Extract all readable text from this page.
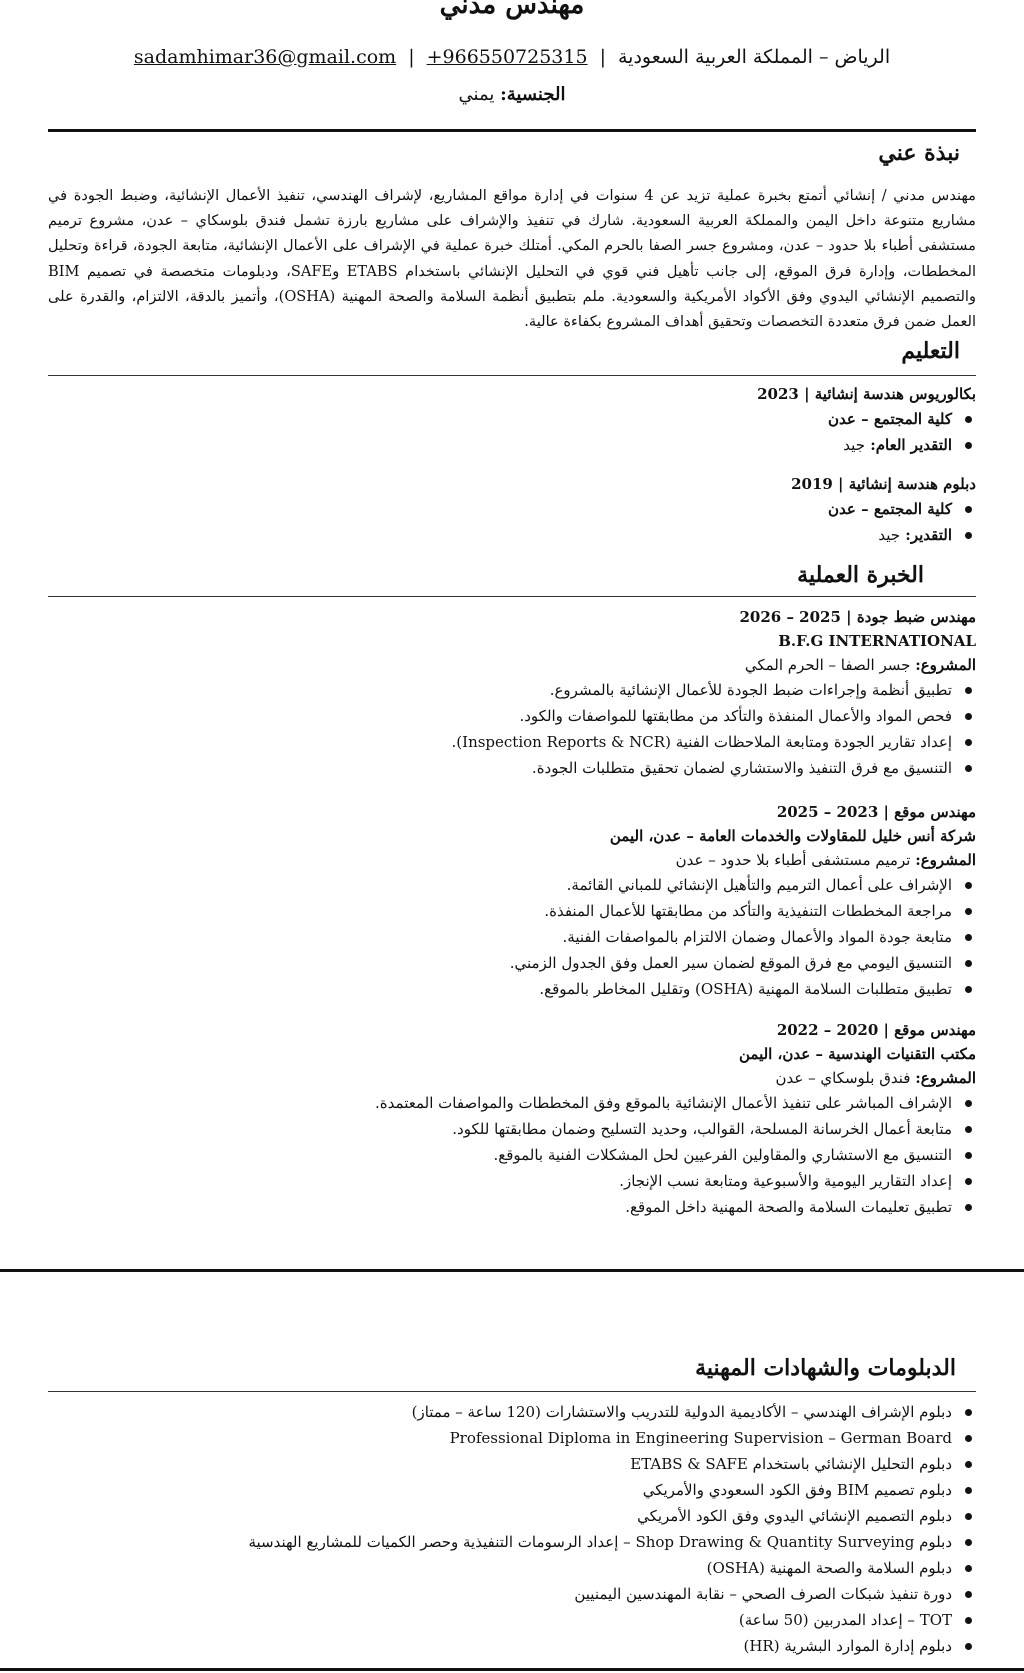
مهندس مدني
الرياض – المملكة العربية السعودية|sadamhimar36@gmail.com | +966550725315
الجنسية: يمني
نبذة عني
مهندس مدني / إنشائي أتمتع بخبرة عملية تزيد عن 4 سنوات في إدارة مواقع المشاريع، لإشراف الهندسي، تنفيذ الأعمال الإنشائية، وضبط الجودة في مشاريع متنوعة داخل اليمن والمملكة العربية السعودية. شارك في تنفيذ والإشراف على مشاريع بارزة تشمل فندق بلوسكاي – عدن، مشروع ترميم مستشفى أطباء بلا حدود – عدن، ومشروع جسر الصفا بالحرم المكي. أمتلك خبرة عملية في الإشراف على الأعمال الإنشائية، متابعة الجودة، قراءة وتحليل المخططات، وإدارة فرق الموقع، إلى جانب تأهيل فني قوي في التحليل الإنشائي باستخدام ETABS وSAFE، ودبلومات متخصصة في تصميم BIM والتصميم الإنشائي اليدوي وفق الأكواد الأمريكية والسعودية. ملم بتطبيق أنظمة السلامة والصحة المهنية (OSHA)، وأتميز بالدقة، الالتزام، والقدرة على العمل ضمن فرق متعددة التخصصات وتحقيق أهداف المشروع بكفاءة عالية.
التعليم
بكالوريوس هندسة إنشائية | 2023
كلية المجتمع – عدن
التقدير العام: جيد
دبلوم هندسة إنشائية | 2019
كلية المجتمع – عدن
التقدير: جيد
الخبرة العملية
مهندس ضبط جودة | 2025 – 2026
B.F.G INTERNATIONAL
المشروع: جسر الصفا – الحرم المكي
تطبيق أنظمة وإجراءات ضبط الجودة للأعمال الإنشائية بالمشروع.
فحص المواد والأعمال المنفذة والتأكد من مطابقتها للمواصفات والكود.
إعداد تقارير الجودة ومتابعة الملاحظات الفنية (Inspection Reports & NCR).
التنسيق مع فرق التنفيذ والاستشاري لضمان تحقيق متطلبات الجودة.
مهندس موقع | 2023 – 2025
شركة أنس خليل للمقاولات والخدمات العامة – عدن، اليمن
المشروع: ترميم مستشفى أطباء بلا حدود – عدن
الإشراف على أعمال الترميم والتأهيل الإنشائي للمباني القائمة.
مراجعة المخططات التنفيذية والتأكد من مطابقتها للأعمال المنفذة.
متابعة جودة المواد والأعمال وضمان الالتزام بالمواصفات الفنية.
التنسيق اليومي مع فرق الموقع لضمان سير العمل وفق الجدول الزمني.
تطبيق متطلبات السلامة المهنية (OSHA) وتقليل المخاطر بالموقع.
مهندس موقع | 2020 – 2022
مكتب التقنيات الهندسية – عدن، اليمن
المشروع: فندق بلوسكاي – عدن
الإشراف المباشر على تنفيذ الأعمال الإنشائية بالموقع وفق المخططات والمواصفات المعتمدة.
متابعة أعمال الخرسانة المسلحة، القوالب، وحديد التسليح وضمان مطابقتها للكود.
التنسيق مع الاستشاري والمقاولين الفرعيين لحل المشكلات الفنية بالموقع.
إعداد التقارير اليومية والأسبوعية ومتابعة نسب الإنجاز.
تطبيق تعليمات السلامة والصحة المهنية داخل الموقع.
الدبلومات والشهادات المهنية
دبلوم الإشراف الهندسي – الأكاديمية الدولية للتدريب والاستشارات (120 ساعة – ممتاز)
Professional Diploma in Engineering Supervision – German Board
دبلوم التحليل الإنشائي باستخدام ETABS & SAFE
دبلوم تصميم BIM وفق الكود السعودي والأمريكي
دبلوم التصميم الإنشائي اليدوي وفق الكود الأمريكي
دبلوم Shop Drawing & Quantity Surveying – إعداد الرسومات التنفيذية وحصر الكميات للمشاريع الهندسية
دبلوم السلامة والصحة المهنية (OSHA)
دورة تنفيذ شبكات الصرف الصحي – نقابة المهندسين اليمنيين
TOT – إعداد المدربين (50 ساعة)
دبلوم إدارة الموارد البشرية (HR)
